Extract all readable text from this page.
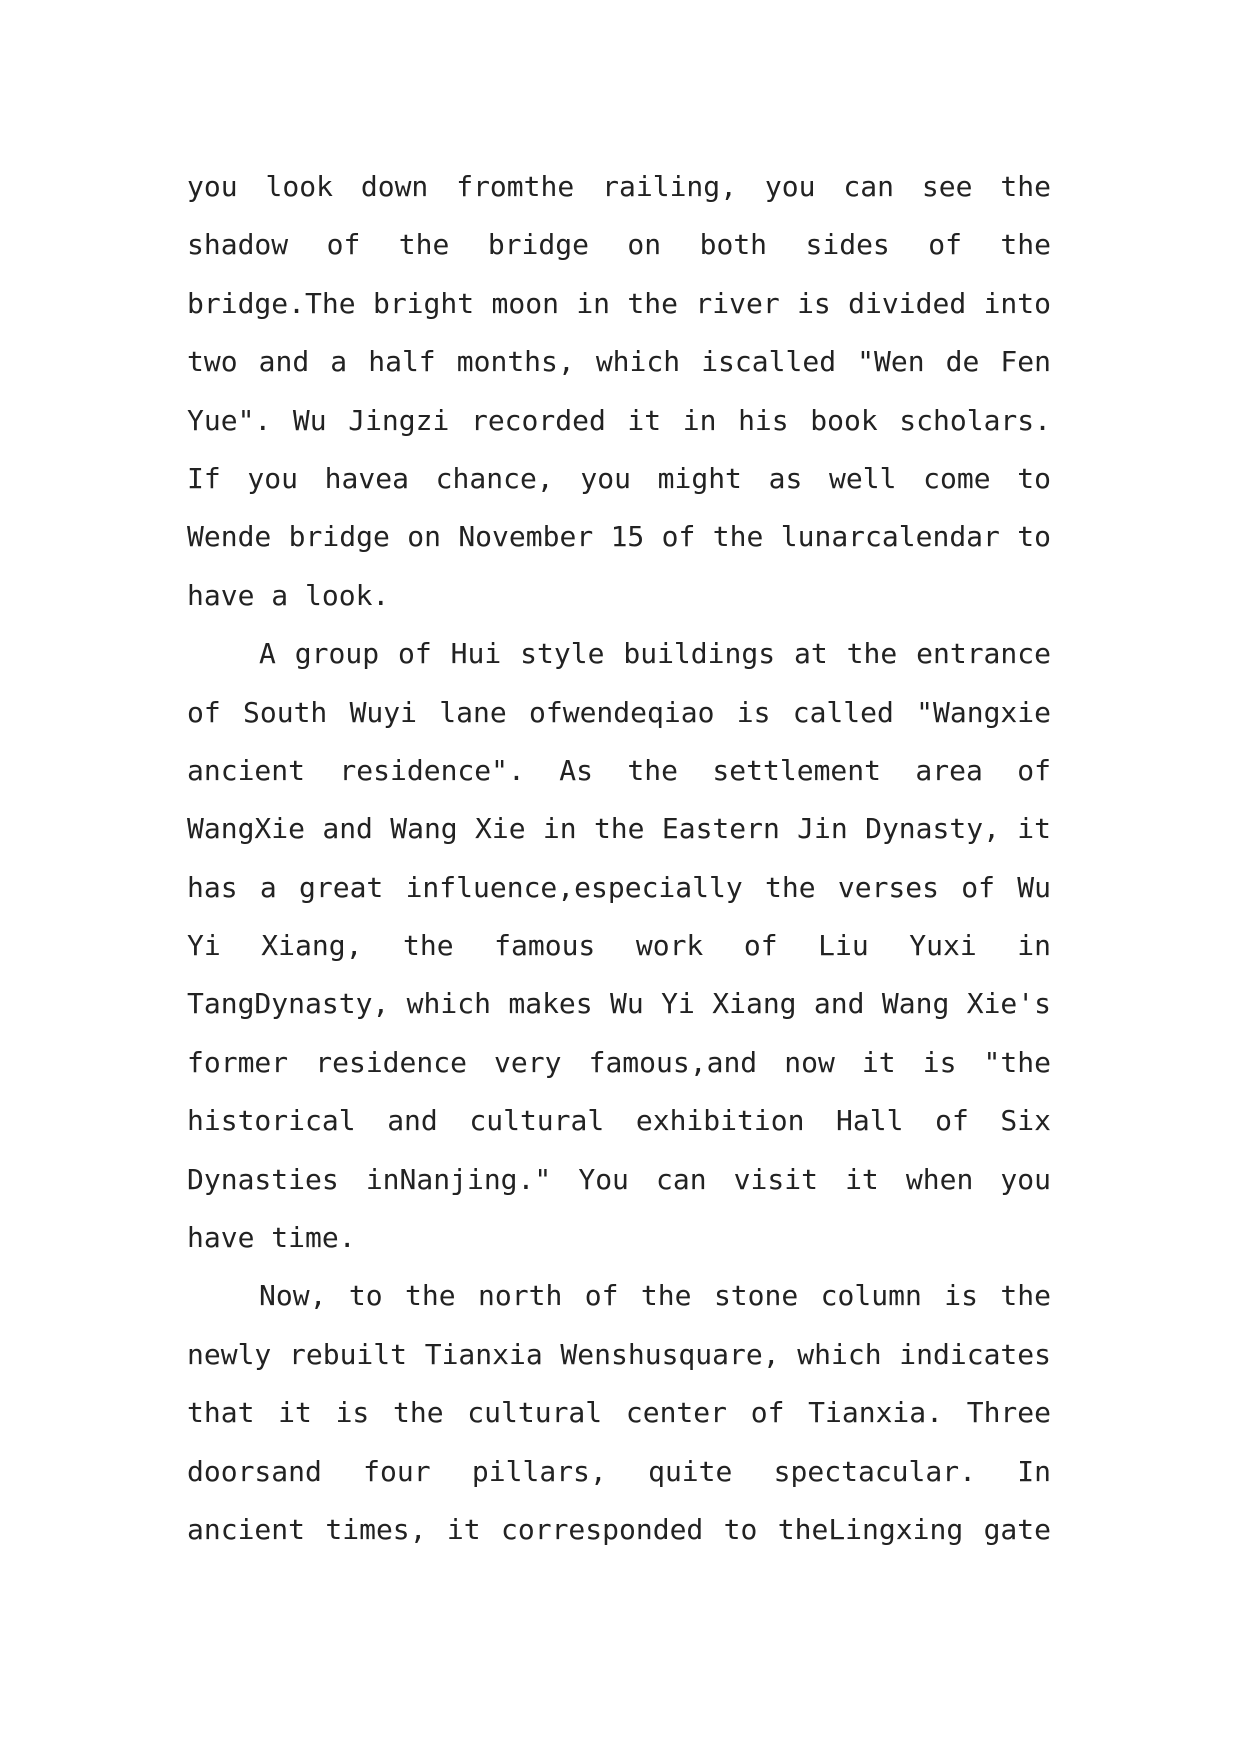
you look down fromthe railing, you can see the
shadow of the bridge on both sides of the
bridge.The bright moon in the river is divided into
two and a half months, which iscalled "Wen de Fen
Yue". Wu Jingzi recorded it in his book scholars.
If you havea chance, you might as well come to
Wende bridge on November 15 of the lunarcalendar to
have a look.
A group of Hui style buildings at the entrance
of South Wuyi lane ofwendeqiao is called "Wangxie
ancient residence". As the settlement area of
WangXie and Wang Xie in the Eastern Jin Dynasty, it
has a great influence,especially the verses of Wu
Yi Xiang, the famous work of Liu Yuxi in
TangDynasty, which makes Wu Yi Xiang and Wang Xie's
former residence very famous,and now it is "the
historical and cultural exhibition Hall of Six
Dynasties inNanjing." You can visit it when you
have time.
Now, to the north of the stone column is the
newly rebuilt Tianxia Wenshusquare, which indicates
that it is the cultural center of Tianxia. Three
doorsand four pillars, quite spectacular. In
ancient times, it corresponded to theLingxing gate
